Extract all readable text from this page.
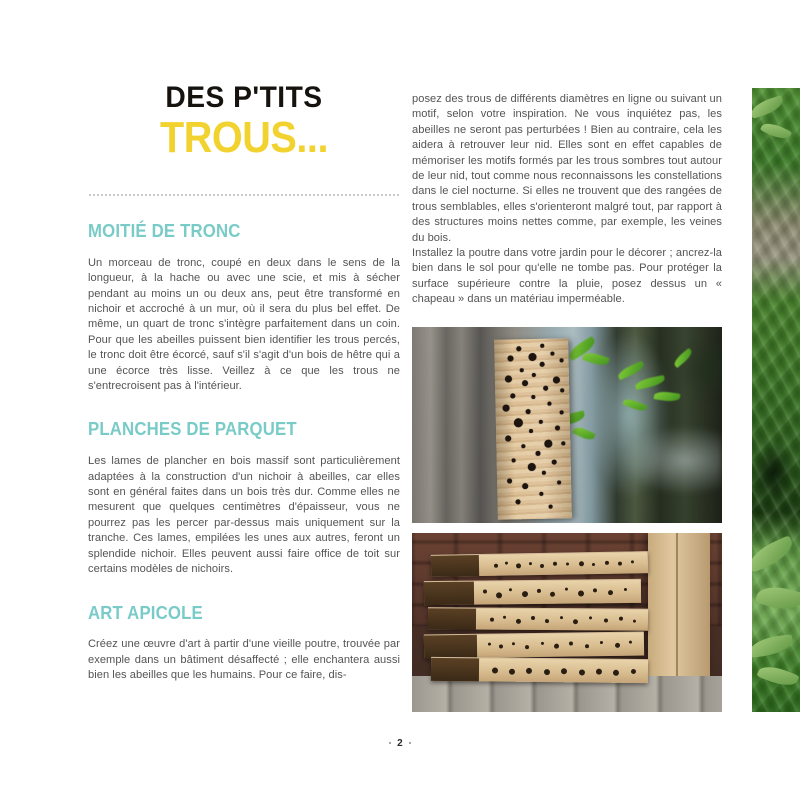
DES P'TITS
TROUS...
MOITIÉ DE TRONC

Un morceau de tronc, coupé en deux dans le sens de la longueur, à la hache ou avec une scie, et mis à sécher pendant au moins un ou deux ans, peut être transformé en nichoir et accroché à un mur, où il sera du plus bel effet. De même, un quart de tronc s'intègre parfaitement dans un coin. Pour que les abeilles puissent bien identifier les trous percés, le tronc doit être écorcé, sauf s'il s'agit d'un bois de hêtre qui a une écorce très lisse. Veillez à ce que les trous ne s'entrecroisent pas à l'intérieur.

PLANCHES DE PARQUET

Les lames de plancher en bois massif sont particulièrement adaptées à la construction d'un nichoir à abeilles, car elles sont en général faites dans un bois très dur. Comme elles ne mesurent que quelques centimètres d'épaisseur, vous ne pourrez pas les percer par-dessus mais uniquement sur la tranche. Ces lames, empilées les unes aux autres, feront un splendide nichoir. Elles peuvent aussi faire office de toit sur certains modèles de nichoirs.

ART APICOLE

Créez une œuvre d'art à partir d'une vieille poutre, trouvée par exemple dans un bâtiment désaffecté ; elle enchantera aussi bien les abeilles que les humains. Pour ce faire, dis-

posez des trous de différents diamètres en ligne ou suivant un motif, selon votre inspiration. Ne vous inquiétez pas, les abeilles ne seront pas perturbées ! Bien au contraire, cela les aidera à retrouver leur nid. Elles sont en effet capables de mémoriser les motifs formés par les trous sombres tout autour de leur nid, tout comme nous reconnaissons les constellations dans le ciel nocturne. Si elles ne trouvent que des rangées de trous semblables, elles s'orienteront malgré tout, par rapport à des structures moins nettes comme, par exemple, les veines du bois.

Installez la poutre dans votre jardin pour le décorer ; ancrez-la bien dans le sol pour qu'elle ne tombe pas. Pour protéger la surface supérieure contre la pluie, posez dessus un « chapeau » dans un matériau imperméable.

2
